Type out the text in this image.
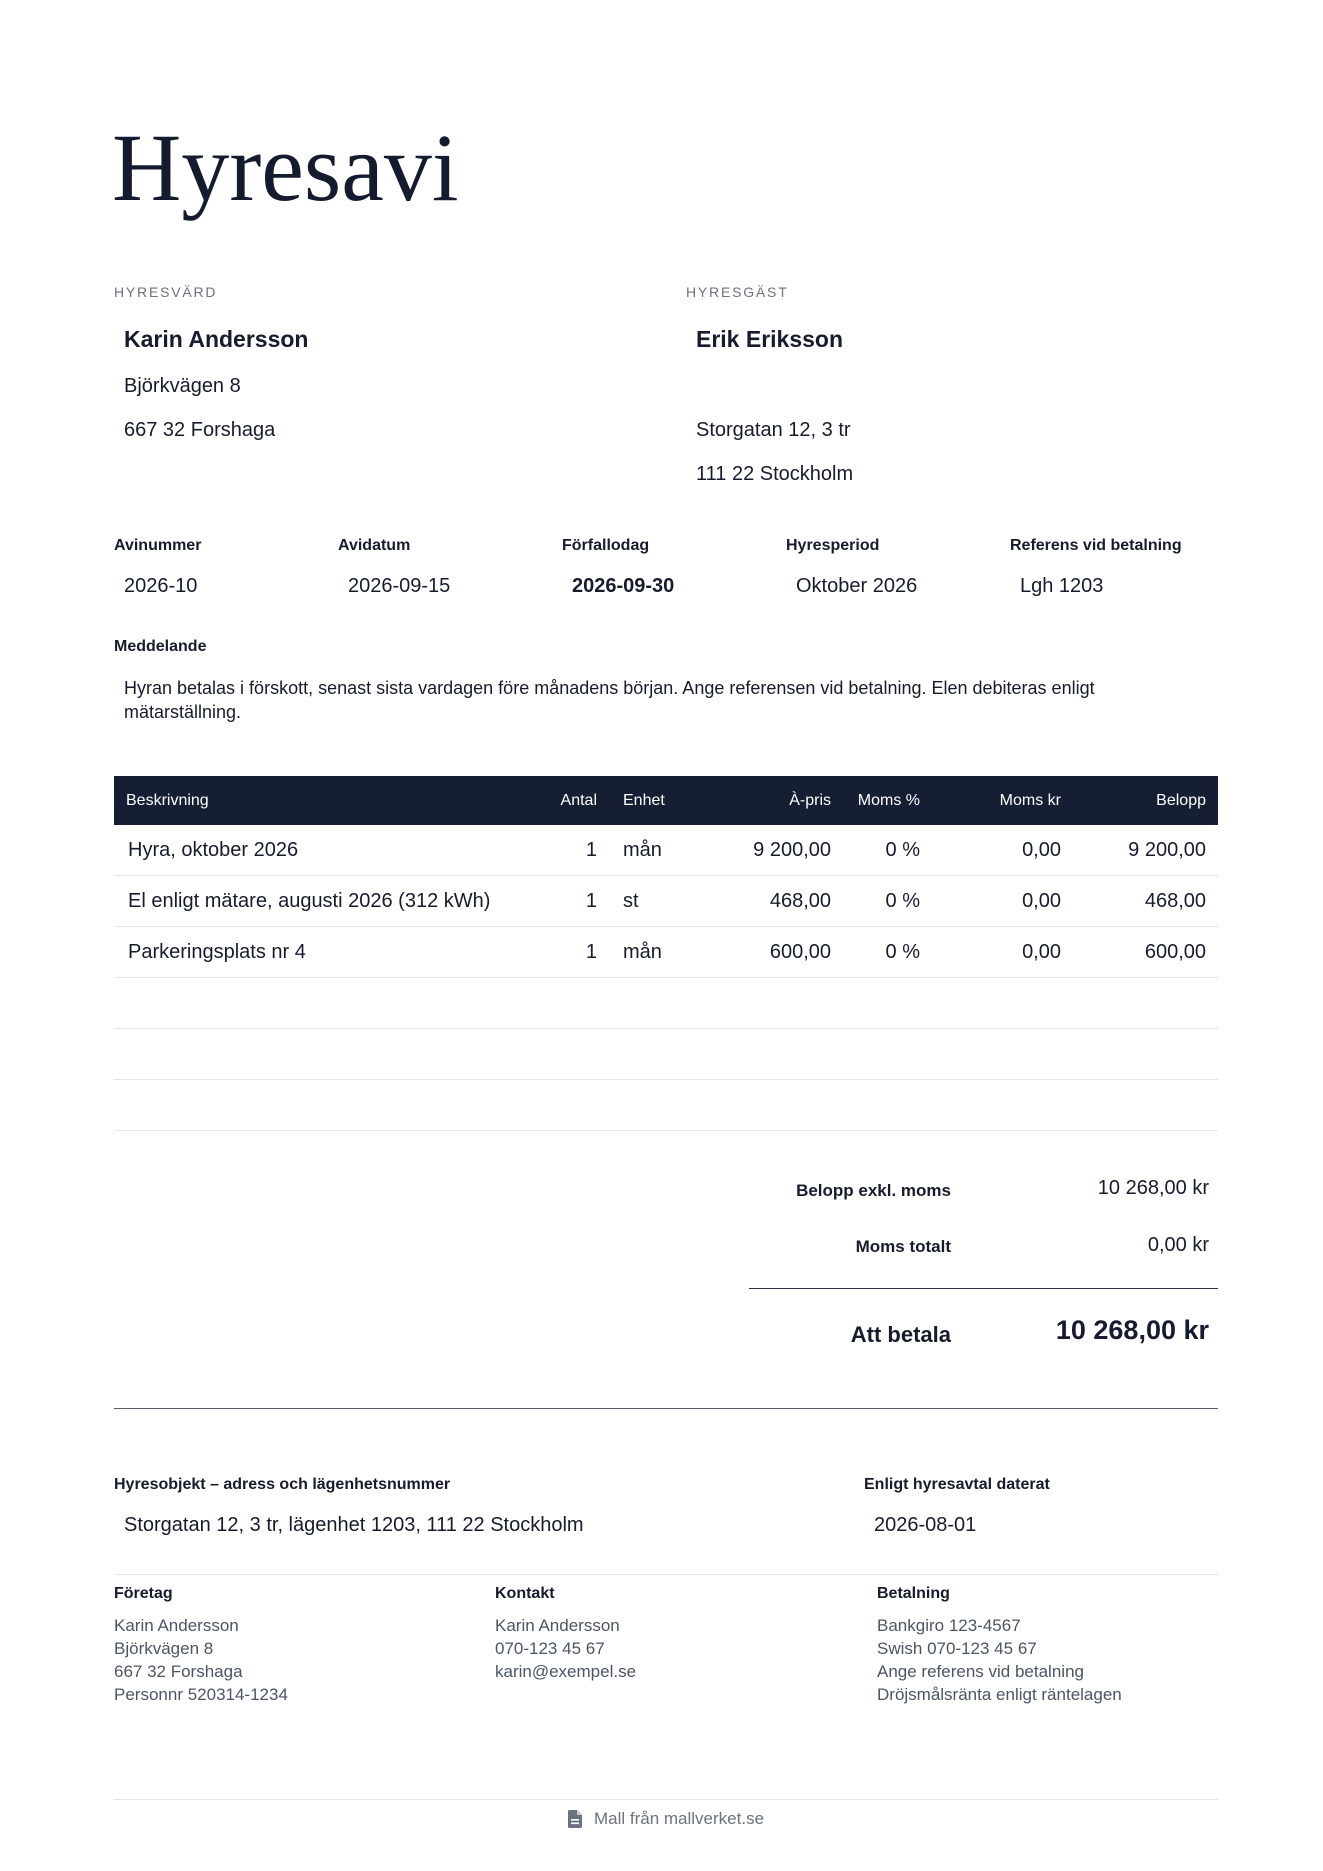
Hyresavi
HYRESVÄRD
Karin Andersson
Björkvägen 8
667 32 Forshaga
HYRESGÄST
Erik Eriksson
Storgatan 12, 3 tr
111 22 Stockholm
Avinummer
2026-10
Avidatum
2026-09-15
Förfallodag
2026-09-30
Hyresperiod
Oktober 2026
Referens vid betalning
Lgh 1203
Meddelande
Hyran betalas i förskott, senast sista vardagen före månadens början. Ange referensen vid betalning. Elen debiteras enligt mätarställning.
Beskrivning	Antal	Enhet	À-pris	Moms %	Moms kr	Belopp
Hyra, oktober 2026	1	mån	9 200,00	0 %	0,00	9 200,00
El enligt mätare, augusti 2026 (312 kWh)	1	st	468,00	0 %	0,00	468,00
Parkeringsplats nr 4	1	mån	600,00	0 %	0,00	600,00

Belopp exkl. moms	10 268,00 kr
Moms totalt	0,00 kr
Att betala	10 268,00 kr
Hyresobjekt – adress och lägenhetsnummer
Storgatan 12, 3 tr, lägenhet 1203, 111 22 Stockholm
Enligt hyresavtal daterat
2026-08-01
Företag
Karin Andersson
Björkvägen 8
667 32 Forshaga
Personnr 520314-1234
Kontakt
Karin Andersson
070-123 45 67
karin@exempel.se
Betalning
Bankgiro 123-4567
Swish 070-123 45 67
Ange referens vid betalning
Dröjsmålsränta enligt räntelagen
Mall från mallverket.se
